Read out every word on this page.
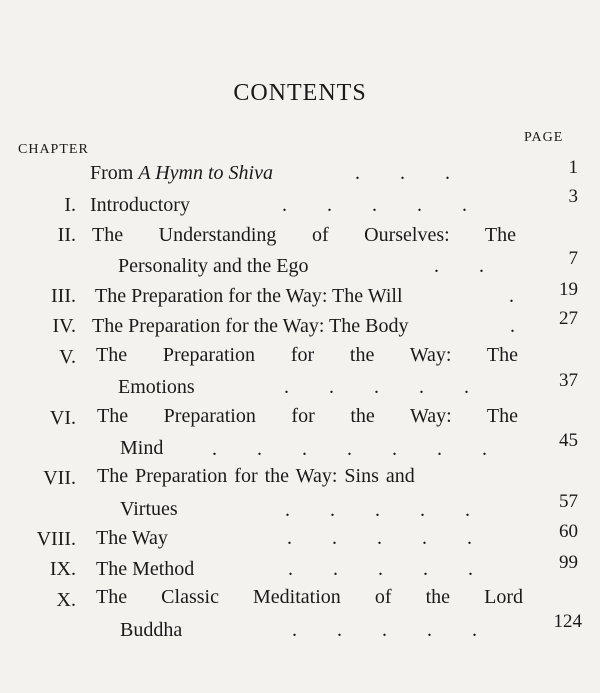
CONTENTS
PAGE
CHAPTER
From A Hymn to Shiva	.        .        .	1
I. Introductory	.        .        .        .        .	3
II. The Understanding of Ourselves: The
Personality and the Ego	.        .	7
III. The Preparation for the Way: The Will	.	19
IV. The Preparation for the Way: The Body	.	27
V. The Preparation for the Way: The
Emotions	.        .        .        .        .	37
VI. The Preparation for the Way: The
Mind .        .        .        .        .        .        .	45
VII. The Preparation for the Way: Sins and
Virtues	.        .        .        .        .	57
VIII. The Way	.        .        .        .        .	60
IX. The Method	.        .        .        .        .	99
X. The Classic Meditation of the Lord
Buddha	.        .        .        .        .	124
